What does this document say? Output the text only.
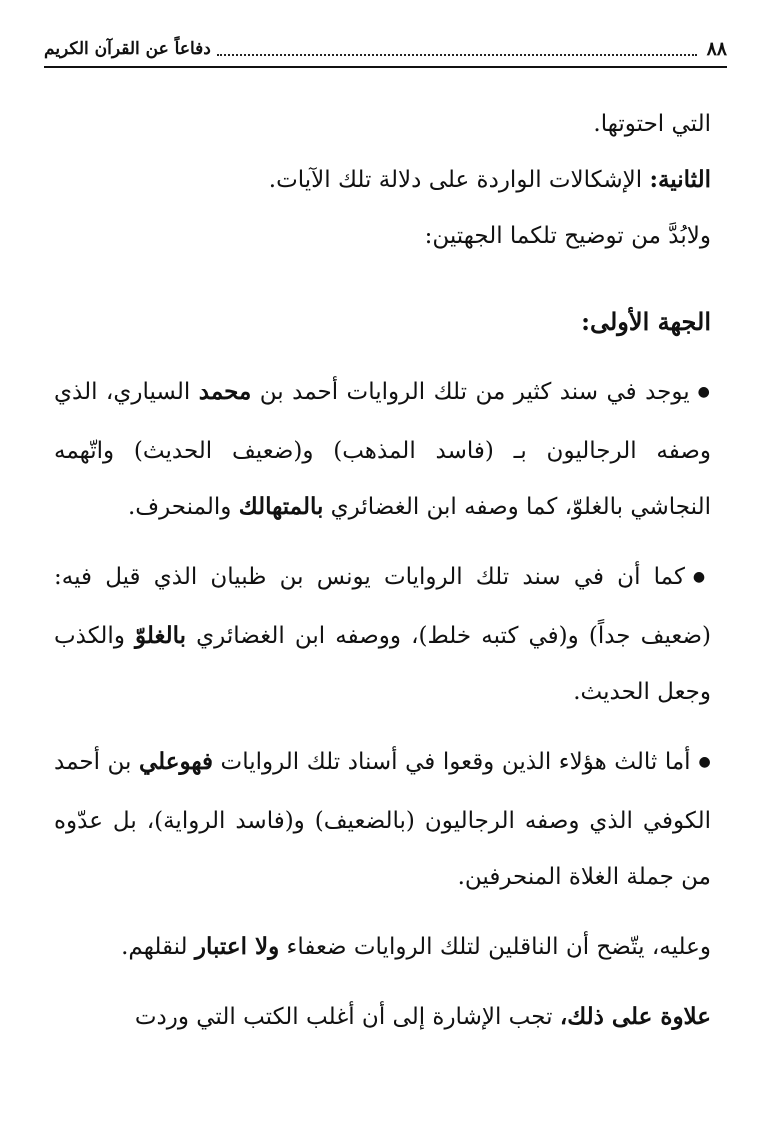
٨٨
دفاعاً عن القرآن الكريم

التي احتوتها.

الثانية: الإشكالات الواردة على دلالة تلك الآيات.

ولابُدَّ من توضيح تلكما الجهتين:

الجهة الأولى:

● يوجد في سند كثير من تلك الروايات أحمد بن محمد السياري، الذي وصفه الرجاليون بـ (فاسد المذهب) و(ضعيف الحديث) واتّهمه النجاشي بالغلوّ، كما وصفه ابن الغضائري بالمتهالك والمنحرف.

● كما أن في سند تلك الروايات يونس بن ظبيان الذي قيل فيه: (ضعيف جداً) و(في كتبه خلط)، ووصفه ابن الغضائري بالغلوّ والكذب وجعل الحديث.

● أما ثالث هؤلاء الذين وقعوا في أسناد تلك الروايات فهوعلي بن أحمد الكوفي الذي وصفه الرجاليون (بالضعيف) و(فاسد الرواية)، بل عدّوه من جملة الغلاة المنحرفين.

وعليه، يتّضح أن الناقلين لتلك الروايات ضعفاء ولا اعتبار لنقلهم.

علاوة على ذلك، تجب الإشارة إلى أن أغلب الكتب التي وردت
